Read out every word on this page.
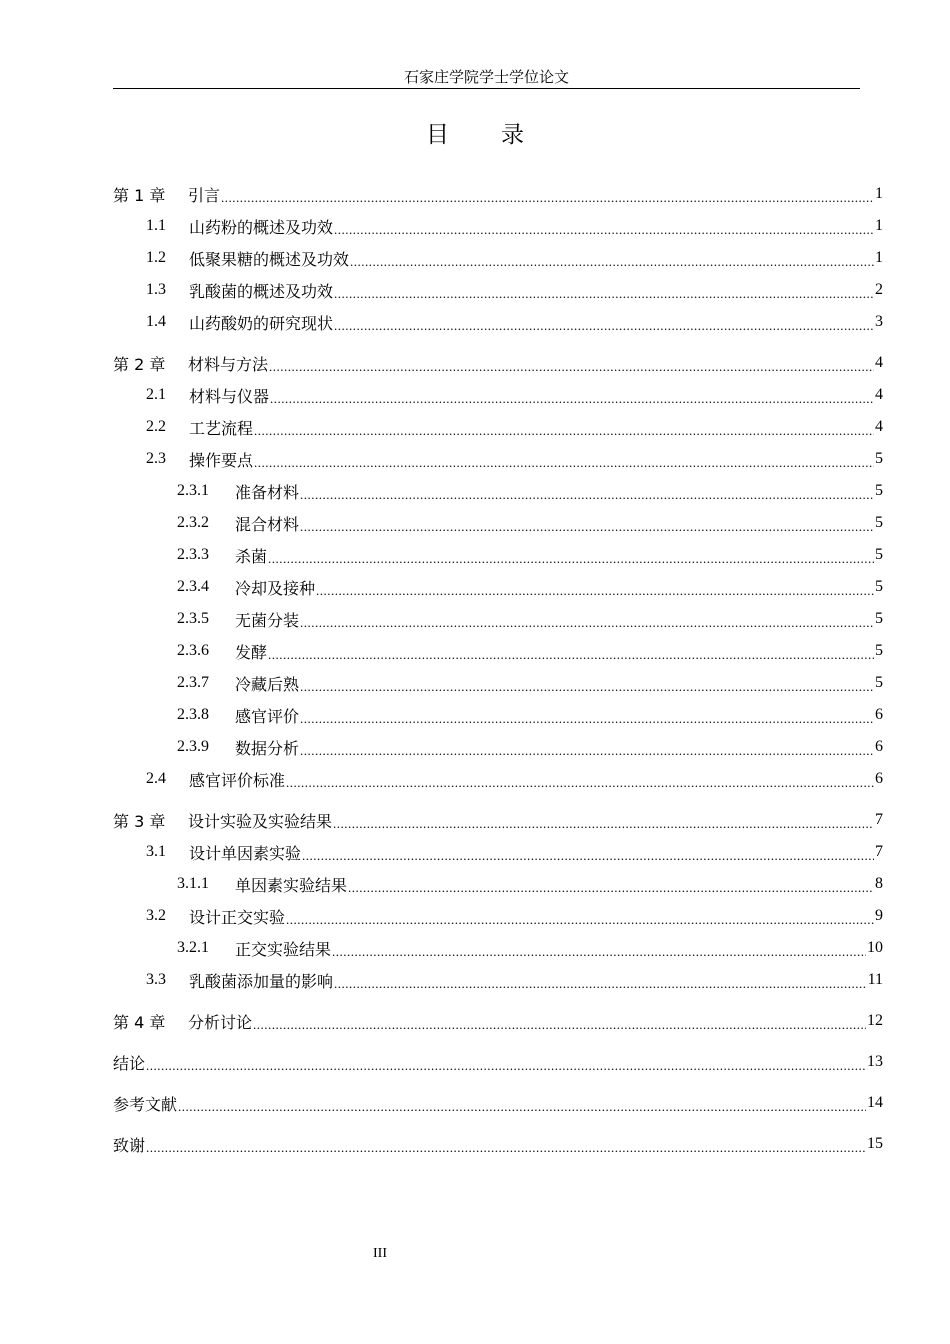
石家庄学院学士学位论文
目 录
第 1 章	引言 .....	1
1.1	山药粉的概述及功效 .....	1
1.2	低聚果糖的概述及功效 .....	1
1.3	乳酸菌的概述及功效 .....	2
1.4	山药酸奶的研究现状 .....	3
第 2 章	材料与方法 .....	4
2.1	材料与仪器 .....	4
2.2	工艺流程 .....	4
2.3	操作要点 .....	5
2.3.1	准备材料 .....	5
2.3.2	混合材料 .....	5
2.3.3	杀菌 .....	5
2.3.4	冷却及接种 .....	5
2.3.5	无菌分装 .....	5
2.3.6	发酵 .....	5
2.3.7	冷藏后熟 .....	5
2.3.8	感官评价 .....	6
2.3.9	数据分析 .....	6
2.4	感官评价标准 .....	6
第 3 章	设计实验及实验结果 .....	7
3.1	设计单因素实验 .....	7
3.1.1	单因素实验结果 .....	8
3.2	设计正交实验 .....	9
3.2.1	正交实验结果 .....	10
3.3	乳酸菌添加量的影响 .....	11
第 4 章	分析讨论 .....	12
结论 .....	13
参考文献 .....	14
致谢 .....	15
III
